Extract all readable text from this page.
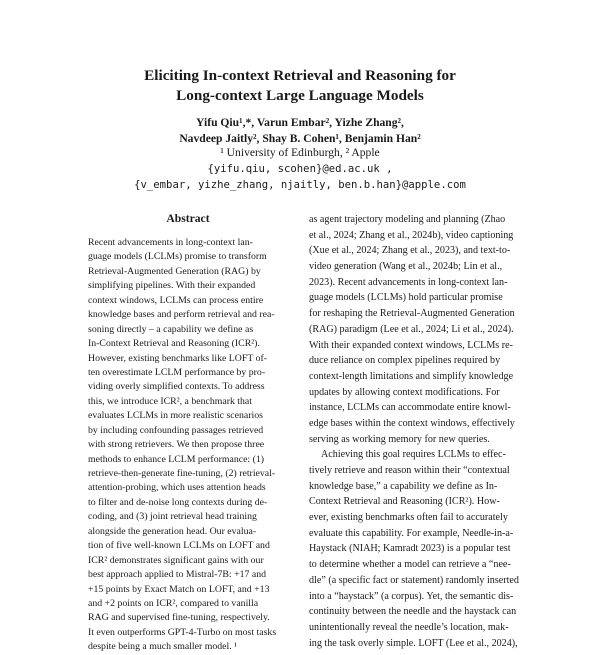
Eliciting In-context Retrieval and Reasoning for
Long-context Large Language Models
Yifu Qiu¹,*, Varun Embar², Yizhe Zhang²,
Navdeep Jaitly², Shay B. Cohen¹, Benjamin Han²
¹ University of Edinburgh, ² Apple
{yifu.qiu, scohen}@ed.ac.uk ,
{v_embar, yizhe_zhang, njaitly, ben.b.han}@apple.com
Abstract
Recent advancements in long-context lan-
guage models (LCLMs) promise to transform
Retrieval-Augmented Generation (RAG) by
simplifying pipelines. With their expanded
context windows, LCLMs can process entire
knowledge bases and perform retrieval and rea-
soning directly – a capability we define as
In-Context Retrieval and Reasoning (ICR²).
However, existing benchmarks like LOFT of-
ten overestimate LCLM performance by pro-
viding overly simplified contexts. To address
this, we introduce ICR², a benchmark that
evaluates LCLMs in more realistic scenarios
by including confounding passages retrieved
with strong retrievers. We then propose three
methods to enhance LCLM performance: (1)
retrieve-then-generate fine-tuning, (2) retrieval-
attention-probing, which uses attention heads
to filter and de-noise long contexts during de-
coding, and (3) joint retrieval head training
alongside the generation head. Our evalua-
tion of five well-known LCLMs on LOFT and
ICR² demonstrates significant gains with our
best approach applied to Mistral-7B: +17 and
+15 points by Exact Match on LOFT, and +13
and +2 points on ICR², compared to vanilla
RAG and supervised fine-tuning, respectively.
It even outperforms GPT-4-Turbo on most tasks
despite being a much smaller model. ¹
as agent trajectory modeling and planning (Zhao
et al., 2024; Zhang et al., 2024b), video captioning
(Xue et al., 2024; Zhang et al., 2023), and text-to-
video generation (Wang et al., 2024b; Lin et al.,
2023). Recent advancements in long-context lan-
guage models (LCLMs) hold particular promise
for reshaping the Retrieval-Augmented Generation
(RAG) paradigm (Lee et al., 2024; Li et al., 2024).
With their expanded context windows, LCLMs re-
duce reliance on complex pipelines required by
context-length limitations and simplify knowledge
updates by allowing context modifications. For
instance, LCLMs can accommodate entire knowl-
edge bases within the context windows, effectively
serving as working memory for new queries.
Achieving this goal requires LCLMs to effec-
tively retrieve and reason within their “contextual
knowledge base,” a capability we define as In-
Context Retrieval and Reasoning (ICR²). How-
ever, existing benchmarks often fail to accurately
evaluate this capability. For example, Needle-in-a-
Haystack (NIAH; Kamradt 2023) is a popular test
to determine whether a model can retrieve a “nee-
dle” (a specific fact or statement) randomly inserted
into a “haystack” (a corpus). Yet, the semantic dis-
continuity between the needle and the haystack can
unintentionally reveal the needle’s location, mak-
ing the task overly simple. LOFT (Lee et al., 2024),
